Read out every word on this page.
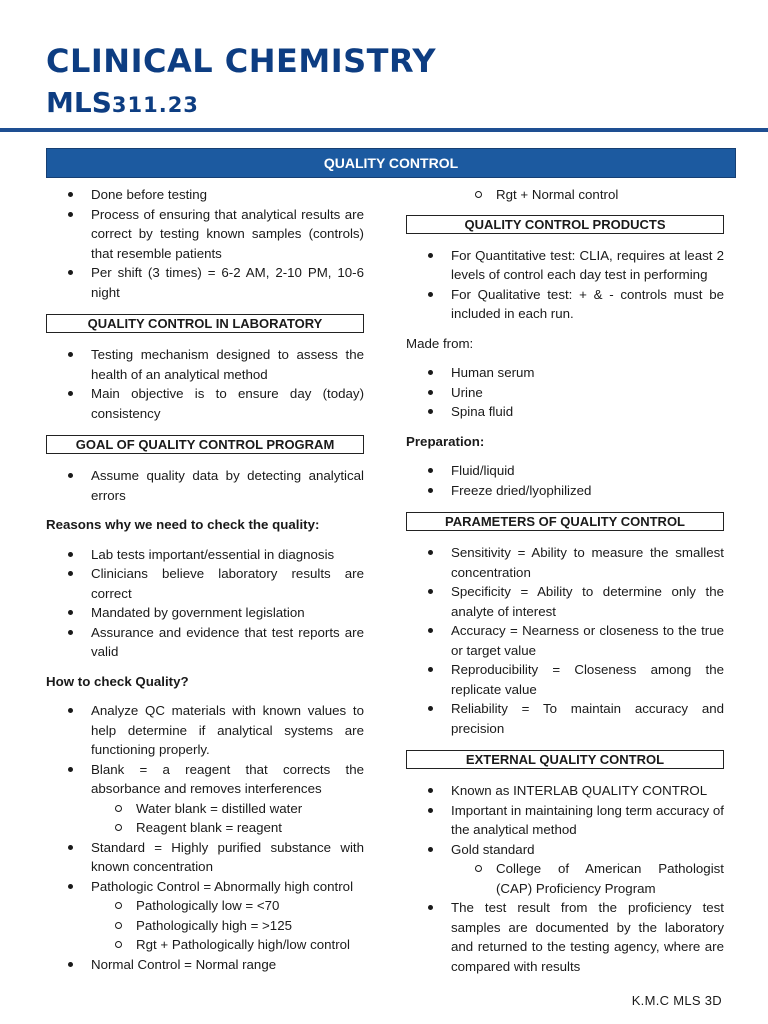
CLINICAL CHEMISTRY
MLS311.23
QUALITY CONTROL
Done before testing
Process of ensuring that analytical results are correct by testing known samples (controls) that resemble patients
Per shift (3 times) = 6-2 AM, 2-10 PM, 10-6 night
QUALITY CONTROL IN LABORATORY
Testing mechanism designed to assess the health of an analytical method
Main objective is to ensure day (today) consistency
GOAL OF QUALITY CONTROL PROGRAM
Assume quality data by detecting analytical errors
Reasons why we need to check the quality:
Lab tests important/essential in diagnosis
Clinicians believe laboratory results are correct
Mandated by government legislation
Assurance and evidence that test reports are valid
How to check Quality?
Analyze QC materials with known values to help determine if analytical systems are functioning properly.
Blank = a reagent that corrects the absorbance and removes interferences
Water blank = distilled water
Reagent blank = reagent
Standard = Highly purified substance with known concentration
Pathologic Control = Abnormally high control
Pathologically low = <70
Pathologically high = >125
Rgt + Pathologically high/low control
Normal Control = Normal range
Rgt + Normal control
QUALITY CONTROL PRODUCTS
For Quantitative test: CLIA, requires at least 2 levels of control each day test in performing
For Qualitative test: + & - controls must be included in each run.
Made from:
Human serum
Urine
Spina fluid
Preparation:
Fluid/liquid
Freeze dried/lyophilized
PARAMETERS OF QUALITY CONTROL
Sensitivity = Ability to measure the smallest concentration
Specificity = Ability to determine only the analyte of interest
Accuracy = Nearness or closeness to the true or target value
Reproducibility = Closeness among the replicate value
Reliability = To maintain accuracy and precision
EXTERNAL QUALITY CONTROL
Known as INTERLAB QUALITY CONTROL
Important in maintaining long term accuracy of the analytical method
Gold standard
College of American Pathologist (CAP) Proficiency Program
The test result from the proficiency test samples are documented by the laboratory and returned to the testing agency, where are compared with results
K.M.C MLS 3D
